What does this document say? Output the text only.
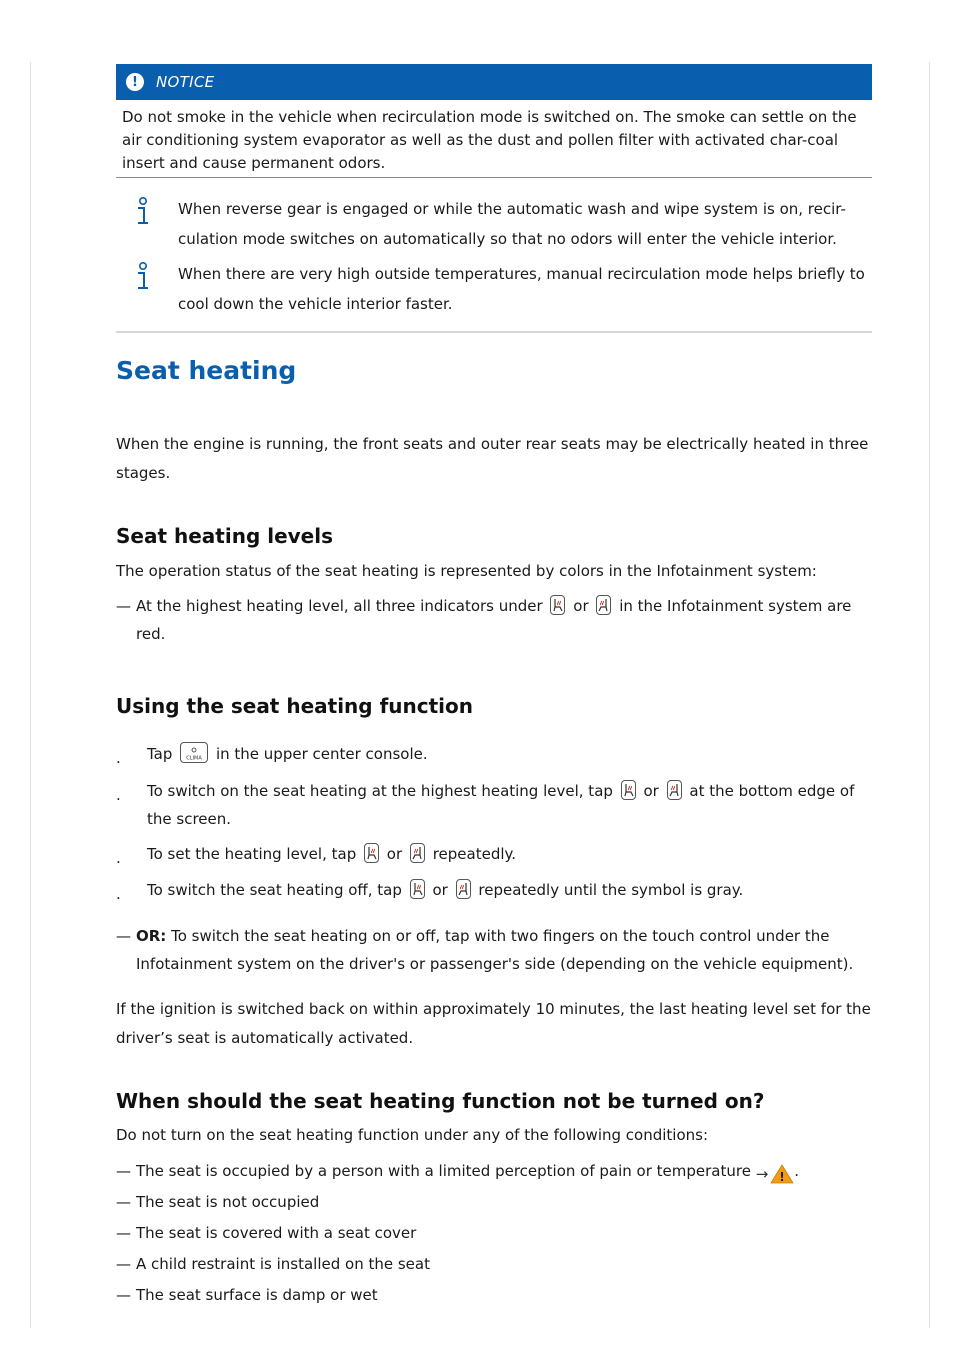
!	NOTICE
Do not smoke in the vehicle when recirculation mode is switched on. The smoke can settle on the air conditioning system evaporator as well as the dust and pollen filter with activated char-coal insert and cause permanent odors.
When reverse gear is engaged or while the automatic wash and wipe system is on, recir-culation mode switches on automatically so that no odors will enter the vehicle interior.
When there are very high outside temperatures, manual recirculation mode helps briefly to cool down the vehicle interior faster.
Seat heating

When the engine is running, the front seats and outer rear seats may be electrically heated in three stages.

Seat heating levels

The operation status of the seat heating is represented by colors in the Infotainment system:

— At the highest heating level, all three indicators under or in the Infotainment system are red.
Using the seat heating function
.	Tap	CLIMA in the upper center console.
.	To switch on the seat heating at the highest heating level, tap or at the bottom edge of the screen.
.	To set the heating level, tap or repeatedly.
.	To switch the seat heating off, tap or repeatedly until the symbol is gray.
— OR: To switch the seat heating on or off, tap with two fingers on the touch control under the Infotainment system on the driver's or passenger's side (depending on the vehicle equipment).

If the ignition is switched back on within approximately 10 minutes, the last heating level set for the driver’s seat is automatically activated.

When should the seat heating function not be turned on?

Do not turn on the seat heating function under any of the following conditions:

— The seat is occupied by a person with a limited perception of pain or temperature → ! .
— The seat is not occupied
— The seat is covered with a seat cover
— A child restraint is installed on the seat
— The seat surface is damp or wet
